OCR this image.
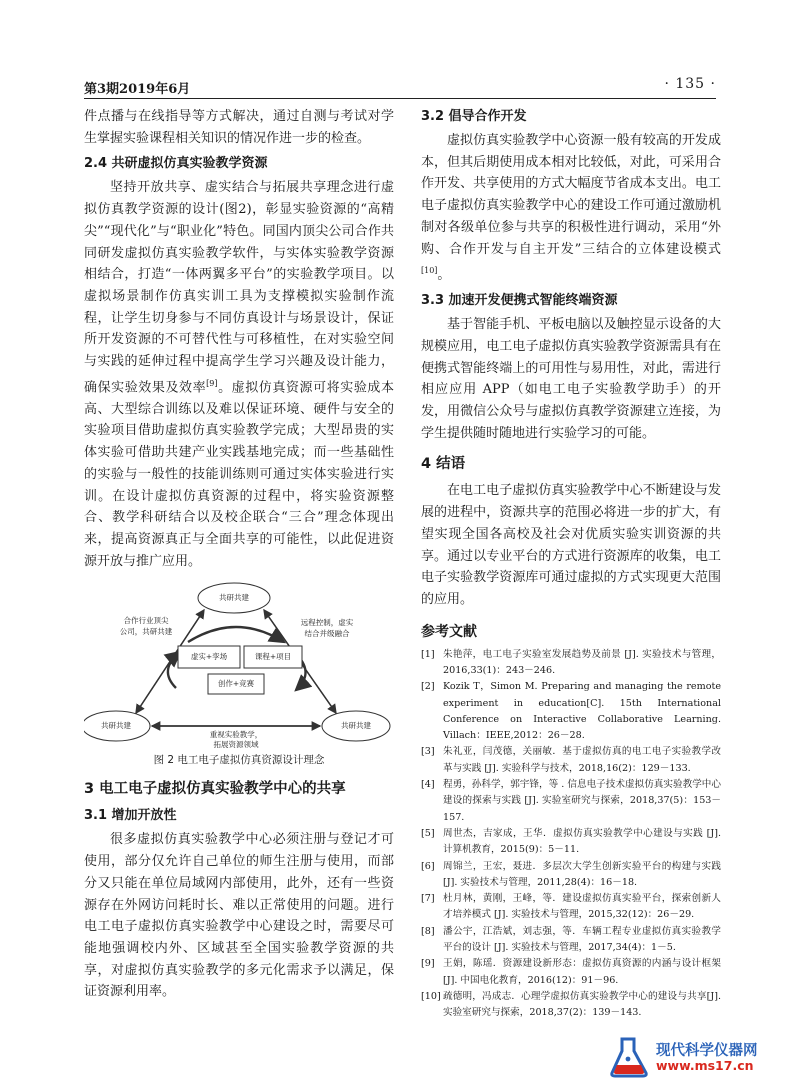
第3期2019年6月	· 135 ·

件点播与在线指导等方式解决，通过自测与考试对学生掌握实验课程相关知识的情况作进一步的检查。

2.4 共研虚拟仿真实验教学资源

坚持开放共享、虚实结合与拓展共享理念进行虚拟仿真教学资源的设计(图2)，彰显实验资源的“高精尖”“现代化”与“职业化”特色。同国内顶尖公司合作共同研发虚拟仿真实验教学软件，与实体实验教学资源相结合，打造“一体两翼多平台”的实验教学项目。以虚拟场景制作仿真实训工具为支撑模拟实验制作流程，让学生切身参与不同仿真设计与场景设计，保证所开发资源的不可替代性与可移植性，在对实验空间与实践的延伸过程中提高学生学习兴趣及设计能力，确保实验效果及效率[9]。虚拟仿真资源可将实验成本高、大型综合训练以及难以保证环境、硬件与安全的实验项目借助虚拟仿真实验教学完成；大型昂贵的实体实验可借助共建产业实践基地完成；而一些基础性的实验与一般性的技能训练则可通过实体实验进行实训。在设计虚拟仿真资源的过程中，将实验资源整合、教学科研结合以及校企联合“三合”理念体现出来，提高资源真正与全面共享的可能性，以此促进资源开放与推广应用。

共研共建
共研共建	共研共建
合作行业顶尖
公司，共研共建
远程控制，虚实
结合并级融合
虚实+孪场	课程+项目
创作+竞赛
重视实验教学，
拓展资源领域
图 2 电工电子虚拟仿真资源设计理念
3 电工电子虚拟仿真实验教学中心的共享
3.1 增加开放性

很多虚拟仿真实验教学中心必须注册与登记才可使用，部分仅允许自己单位的师生注册与使用，而部分又只能在单位局域网内部使用，此外，还有一些资源存在外网访问耗时长、难以正常使用的问题。进行电工电子虚拟仿真实验教学中心建设之时，需要尽可能地强调校内外、区域甚至全国实验教学资源的共享，对虚拟仿真实验教学的多元化需求予以满足，保证资源利用率。

3.2 倡导合作开发

虚拟仿真实验教学中心资源一般有较高的开发成本，但其后期使用成本相对比较低，对此，可采用合作开发、共享使用的方式大幅度节省成本支出。电工电子虚拟仿真实验教学中心的建设工作可通过激励机制对各级单位参与共享的积极性进行调动，采用“外购、合作开发与自主开发”三结合的立体建设模式[10]。

3.3 加速开发便携式智能终端资源

基于智能手机、平板电脑以及触控显示设备的大规模应用，电工电子虚拟仿真实验教学资源需具有在便携式智能终端上的可用性与易用性，对此，需进行相应应用 APP（如电工电子实验教学助手）的开发，用微信公众号与虚拟仿真教学资源建立连接，为学生提供随时随地进行实验学习的可能。

4 结语

在电工电子虚拟仿真实验教学中心不断建设与发展的进程中，资源共享的范围必将进一步的扩大，有望实现全国各高校及社会对优质实验实训资源的共享。通过以专业平台的方式进行资源库的收集，电工电子实验教学资源库可通过虚拟的方式实现更大范围的应用。

参考文献
[1] 朱艳萍，电工电子实验室发展趋势及前景 [J]. 实验技术与管理，2016,33(1)：243－246.
[2] Kozik T，Simon M. Preparing and managing the remote experiment in education[C]. 15th International Conference on Interactive Collaborative Learning. Villach：IEEE,2012：26－28.
[3] 朱礼亚，闫茂德，关丽敏．基于虚拟仿真的电工电子实验教学改革与实践 [J]. 实验科学与技术，2018,16(2)：129－133.
[4] 程勇，孙科学，郭宇锋，等 . 信息电子技术虚拟仿真实验教学中心建设的探索与实践 [J]. 实验室研究与探索，2018,37(5)：153－157.
[5] 周世杰，吉家成，王华．虚拟仿真实验教学中心建设与实践 [J]. 计算机教育，2015(9)：5－11.
[6] 周锦兰，王宏，聂进．多层次大学生创新实验平台的构建与实践 [J]. 实验技术与管理，2011,28(4)：16－18.
[7] 杜月林，黄刚，王峰，等．建设虚拟仿真实验平台，探索创新人才培养模式 [J]. 实验技术与管理，2015,32(12)：26－29.
[8] 潘公宇，江浩斌，刘志强，等．车辆工程专业虚拟仿真实验教学平台的设计 [J]. 实验技术与管理，2017,34(4)：1－5.
[9] 王娟，陈瑶．资源建设新形态：虚拟仿真资源的内涵与设计框架[J]. 中国电化教育，2016(12)：91－96.
[10] 疏德明，冯成志．心理学虚拟仿真实验教学中心的建设与共享[J]. 实验室研究与探索，2018,37(2)：139－143.
现代科学仪器网
www.ms17.cn
